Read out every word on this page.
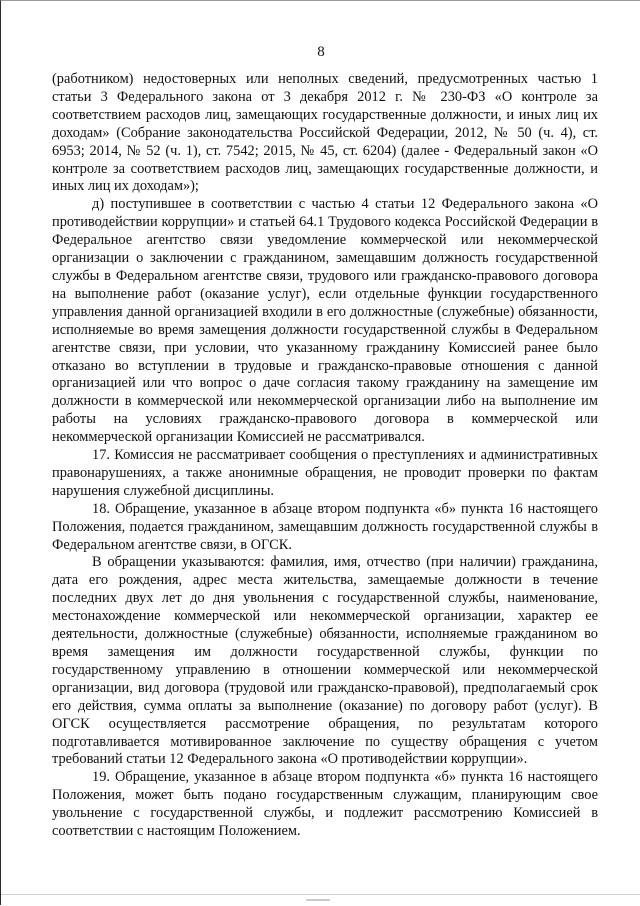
8

(работником) недостоверных или неполных сведений, предусмотренных частью 1 статьи 3 Федерального закона от 3 декабря 2012 г. № 230-ФЗ «О контроле за соответствием расходов лиц, замещающих государственные должности, и иных лиц их доходам» (Собрание законодательства Российской Федерации, 2012, № 50 (ч. 4), ст. 6953; 2014, № 52 (ч. 1), ст. 7542; 2015, № 45, ст. 6204) (далее - Федеральный закон «О контроле за соответствием расходов лиц, замещающих государственные должности, и иных лиц их доходам»);

д) поступившее в соответствии с частью 4 статьи 12 Федерального закона «О противодействии коррупции» и статьей 64.1 Трудового кодекса Российской Федерации в Федеральное агентство связи уведомление коммерческой или некоммерческой организации о заключении с гражданином, замещавшим должность государственной службы в Федеральном агентстве связи, трудового или гражданско-правового договора на выполнение работ (оказание услуг), если отдельные функции государственного управления данной организацией входили в его должностные (служебные) обязанности, исполняемые во время замещения должности государственной службы в Федеральном агентстве связи, при условии, что указанному гражданину Комиссией ранее было отказано во вступлении в трудовые и гражданско-правовые отношения с данной организацией или что вопрос о даче согласия такому гражданину на замещение им должности в коммерческой или некоммерческой организации либо на выполнение им работы на условиях гражданско-правового договора в коммерческой или некоммерческой организации Комиссией не рассматривался.

17. Комиссия не рассматривает сообщения о преступлениях и административных правонарушениях, а также анонимные обращения, не проводит проверки по фактам нарушения служебной дисциплины.

18. Обращение, указанное в абзаце втором подпункта «б» пункта 16 настоящего Положения, подается гражданином, замещавшим должность государственной службы в Федеральном агентстве связи, в ОГСК.

В обращении указываются: фамилия, имя, отчество (при наличии) гражданина, дата его рождения, адрес места жительства, замещаемые должности в течение последних двух лет до дня увольнения с государственной службы, наименование, местонахождение коммерческой или некоммерческой организации, характер ее деятельности, должностные (служебные) обязанности, исполняемые гражданином во время замещения им должности государственной службы, функции по государственному управлению в отношении коммерческой или некоммерческой организации, вид договора (трудовой или гражданско-правовой), предполагаемый срок его действия, сумма оплаты за выполнение (оказание) по договору работ (услуг). В ОГСК осуществляется рассмотрение обращения, по результатам которого подготавливается мотивированное заключение по существу обращения с учетом требований статьи 12 Федерального закона «О противодействии коррупции».

19. Обращение, указанное в абзаце втором подпункта «б» пункта 16 настоящего Положения, может быть подано государственным служащим, планирующим свое увольнение с государственной службы, и подлежит рассмотрению Комиссией в соответствии с настоящим Положением.
